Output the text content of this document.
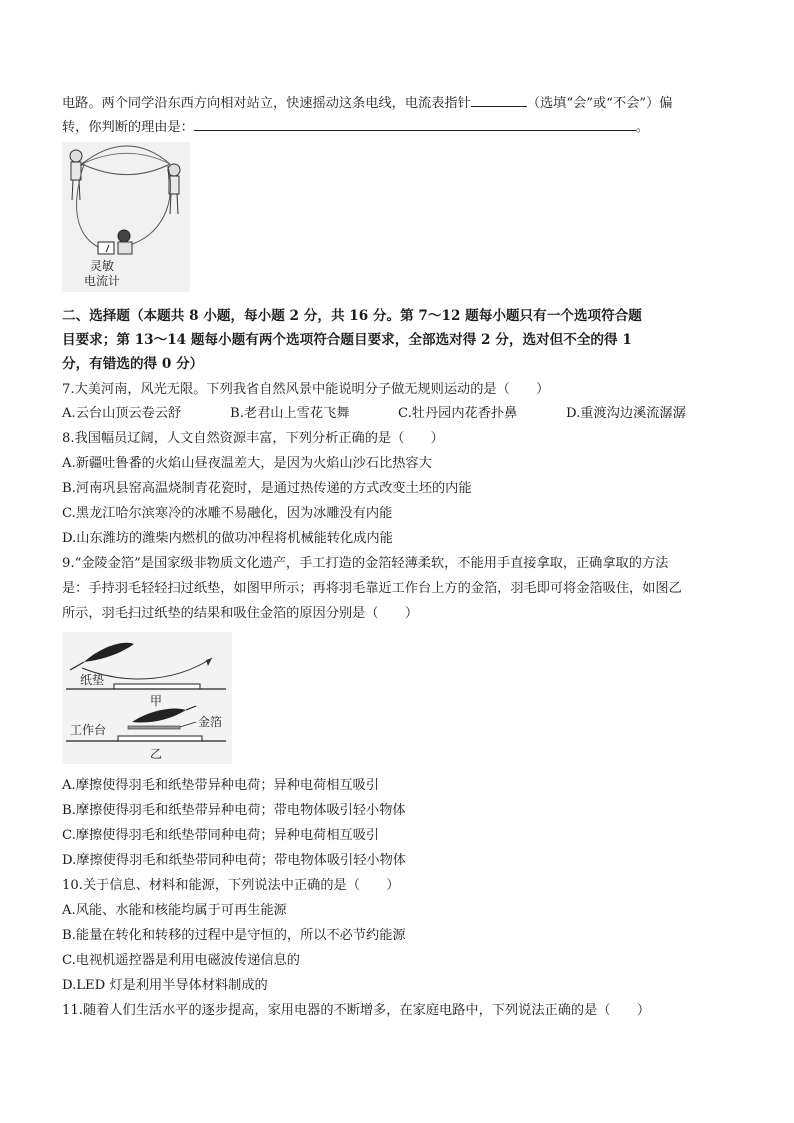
电路。两个同学沿东西方向相对站立，快速摇动这条电线，电流表指针	（选填“会”或“不会”）偏
转，你判断的理由是：	。
灵敏
电流计
二、选择题（本题共 8 小题，每小题 2 分，共 16 分。第 7～12 题每小题只有一个选项符合题
目要求；第 13～14 题每小题有两个选项符合题目要求，全部选对得 2 分，选对但不全的得 1
分，有错选的得 0 分）
7.大美河南，风光无限。下列我省自然风景中能说明分子做无规则运动的是（　　）
A.云台山顶云卷云舒	B.老君山上雪花飞舞	C.牡丹园内花香扑鼻	D.重渡沟边溪流潺潺
8.我国幅员辽阔，人文自然资源丰富，下列分析正确的是（　　）
A.新疆吐鲁番的火焰山昼夜温差大，是因为火焰山沙石比热容大
B.河南巩县窑高温烧制青花瓷时，是通过热传递的方式改变土坯的内能
C.黑龙江哈尔滨寒冷的冰雕不易融化，因为冰雕没有内能
D.山东潍坊的潍柴内燃机的做功冲程将机械能转化成内能
9.“金陵金箔”是国家级非物质文化遗产，手工打造的金箔轻薄柔软，不能用手直接拿取，正确拿取的方法
是：手持羽毛轻轻扫过纸垫，如图甲所示；再将羽毛靠近工作台上方的金箔，羽毛即可将金箔吸住，如图乙
所示，羽毛扫过纸垫的结果和吸住金箔的原因分别是（　　）
纸垫
甲
工作台
金箔
乙
A.摩擦使得羽毛和纸垫带异种电荷；异种电荷相互吸引
B.摩擦使得羽毛和纸垫带异种电荷；带电物体吸引轻小物体
C.摩擦使得羽毛和纸垫带同种电荷；异种电荷相互吸引
D.摩擦使得羽毛和纸垫带同种电荷；带电物体吸引轻小物体
10.关于信息、材料和能源，下列说法中正确的是（　　）
A.风能、水能和核能均属于可再生能源
B.能量在转化和转移的过程中是守恒的，所以不必节约能源
C.电视机遥控器是利用电磁波传递信息的
D.LED 灯是利用半导体材料制成的
11.随着人们生活水平的逐步提高，家用电器的不断增多，在家庭电路中，下列说法正确的是（　　）
